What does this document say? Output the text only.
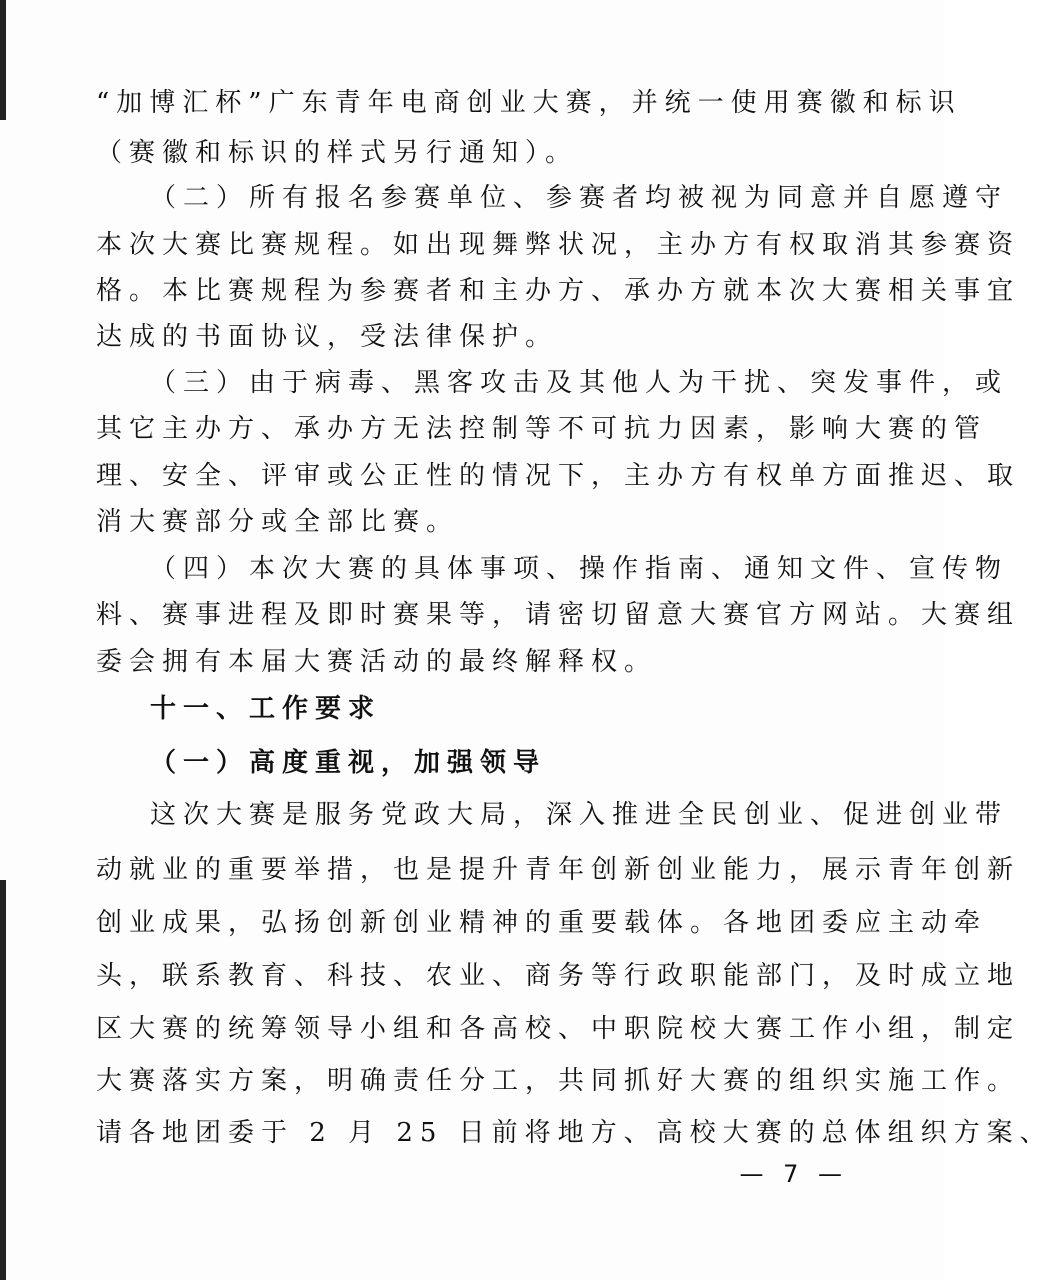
“加博汇杯”广东青年电商创业大赛，并统一使用赛徽和标识
（赛徽和标识的样式另行通知）。
（二）所有报名参赛单位、参赛者均被视为同意并自愿遵守
本次大赛比赛规程。如出现舞弊状况，主办方有权取消其参赛资
格。本比赛规程为参赛者和主办方、承办方就本次大赛相关事宜
达成的书面协议，受法律保护。
（三）由于病毒、黑客攻击及其他人为干扰、突发事件，或
其它主办方、承办方无法控制等不可抗力因素，影响大赛的管
理、安全、评审或公正性的情况下，主办方有权单方面推迟、取
消大赛部分或全部比赛。
（四）本次大赛的具体事项、操作指南、通知文件、宣传物
料、赛事进程及即时赛果等，请密切留意大赛官方网站。大赛组
委会拥有本届大赛活动的最终解释权。
十一、工作要求
（一）高度重视，加强领导
这次大赛是服务党政大局，深入推进全民创业、促进创业带
动就业的重要举措，也是提升青年创新创业能力，展示青年创新
创业成果，弘扬创新创业精神的重要载体。各地团委应主动牵
头，联系教育、科技、农业、商务等行政职能部门，及时成立地
区大赛的统筹领导小组和各高校、中职院校大赛工作小组，制定
大赛落实方案，明确责任分工，共同抓好大赛的组织实施工作。
请各地团委于 2 月 25 日前将地方、高校大赛的总体组织方案、
— 7 —
